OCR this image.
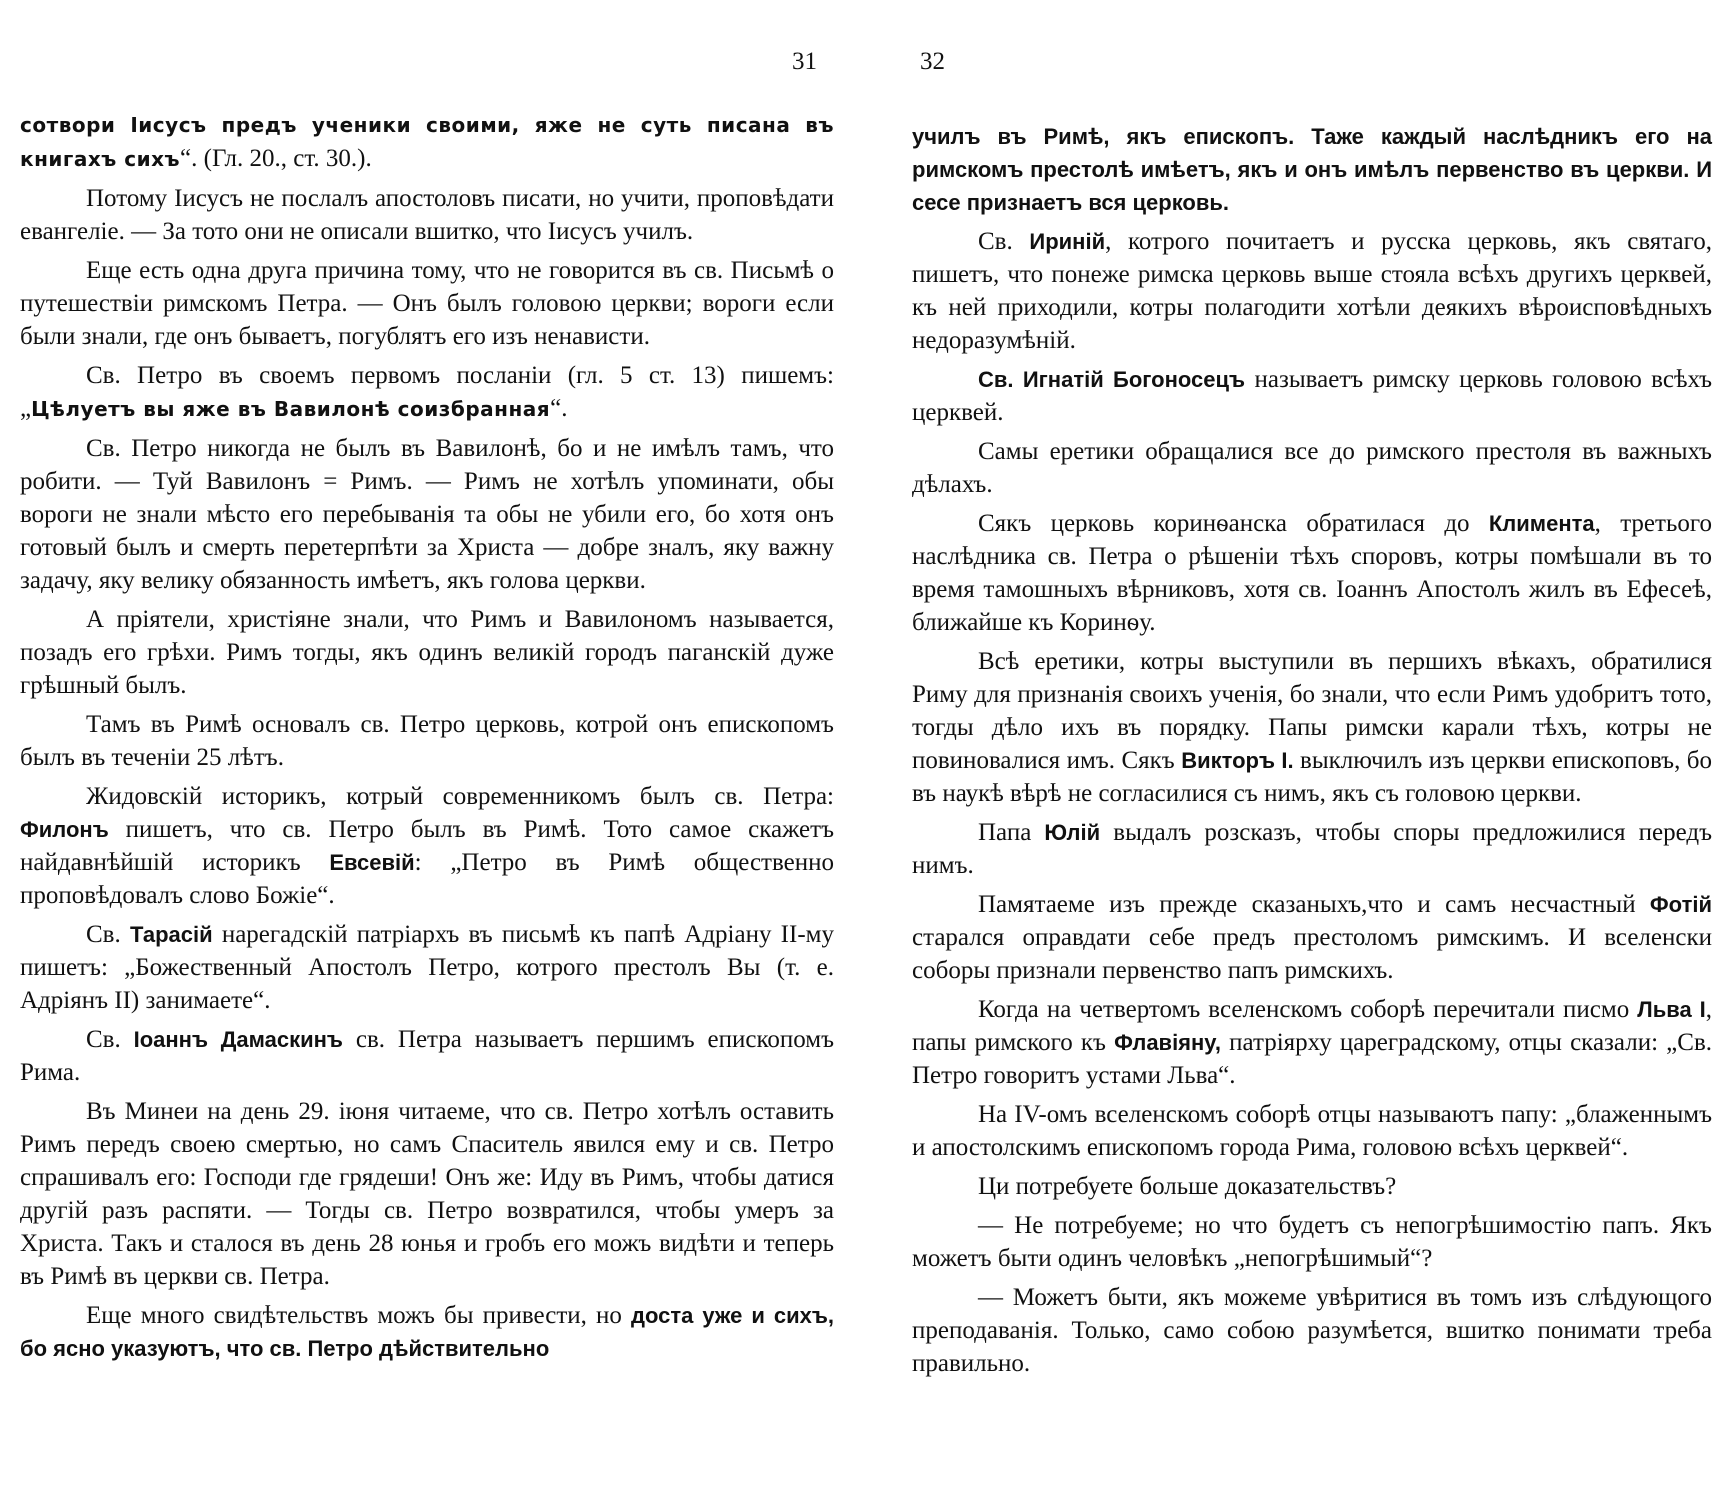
31

сотвори Іисусъ предъ учeники своими, яже не суть писана въ книгахъ сихъ“. (Гл. 20., ст. 30.).

Потому Іисусъ не послалъ апостоловъ писати, но учити, проповѣдати евангеліе. — За тото они не описали вшитко, что Іисусъ училъ.

Еще есть одна друга причина тому, что не говорится въ св. Письмѣ о путешествіи римскомъ Петра. — Онъ былъ головою церкви; вороги если были знали, где онъ бываетъ, погублятъ его изъ ненависти.

Св. Петро въ своемъ первомъ посланіи (гл. 5 ст. 13) пишемъ: „Цѣлуетъ вы яже въ Вавилонѣ соизбранная“.

Св. Петро никогда не былъ въ Вавилонѣ, бо и не имѣлъ тамъ, что робити. — Туй Вавилонъ = Римъ. — Римъ не хотѣлъ упоминати, обы вороги не знали мѣсто его перебыванія та обы не убили его, бо хотя онъ готовый былъ и смерть перетерпѣти за Христа — добре зналъ, яку важну задачу, яку велику обязанность имѣетъ, якъ голова церкви.

А пріятели, христіяне знали, что Римъ и Вавилономъ называется, позадъ его грѣхи. Римъ тогды, якъ одинъ великій городъ паганскій дуже грѣшный былъ.

Тамъ въ Римѣ основалъ св. Петро церковь, котрой онъ епископомъ былъ въ теченіи 25 лѣтъ.

Жидовскій историкъ, котрый современникомъ былъ св. Петра: Филонъ пишетъ, что св. Петро былъ въ Римѣ. Тото самое скажетъ найдавнѣйшій историкъ Евсевій: „Петро въ Римѣ общественно проповѣдовалъ слово Божіе“.

Св. Тарасій нарегадскій патріархъ въ письмѣ къ папѣ Адріану II-му пишетъ: „Божественный Апостолъ Петро, котрого престолъ Вы (т. е. Адріянъ II) занимаете“.

Св. Іоаннъ Дамаскинъ св. Петра называетъ першимъ епископомъ Рима.

Въ Минеи на день 29. іюня читаеме, что св. Петро хотѣлъ оставить Римъ передъ своею смертью, но самъ Спаситель явился ему и св. Петро спрашивалъ его: Господи где грядеши! Онъ же: Иду въ Римъ, чтобы датися другій разъ распяти. — Тогды св. Петро возвратился, чтобы умеръ за Христа. Такъ и сталося въ день 28 юнья и гробъ его можъ видѣти и теперь въ Римѣ въ церкви св. Петра.

Еще много свидѣтельствъ можъ бы привести, но доста уже и сихъ, бо ясно указуютъ, что св. Петро дѣйствительно

32

училъ въ Римѣ, якъ епископъ. Таже каждый наслѣдникъ его на римскомъ престолѣ имѣетъ, якъ и онъ имѣлъ первенство въ церкви. И сесе признаетъ вся церковь.

Св. Ириній, котрого почитаетъ и русска церковь, якъ святаго, пишетъ, что понеже римска церковь выше стояла всѣхъ другихъ церквей, къ ней приходили, котры полагодити хотѣли деякихъ вѣроисповѣдныхъ недоразумѣній.

Св. Игнатій Богоносецъ называетъ римску церковь головою всѣхъ церквей.

Самы еретики обращалися все до римского престоля въ важныхъ дѣлахъ.

Сякъ церковь коринѳанска обратилася до Климента, третього наслѣдника св. Петра о рѣшеніи тѣхъ споровъ, котры помѣшали въ то время тамошныхъ вѣрниковъ, хотя св. Іоаннъ Апостолъ жилъ въ Ефесеѣ, ближайше къ Коринѳу.

Всѣ еретики, котры выступили въ першихъ вѣкахъ, обратилися Риму для признанія своихъ ученія, бо знали, что если Римъ удобритъ тото, тогды дѣло ихъ въ порядку. Папы римски карали тѣхъ, котры не повиновалися имъ. Сякъ Викторъ I. выключилъ изъ церкви епископовъ, бо въ наукѣ вѣрѣ не согласилися съ нимъ, якъ съ головою церкви.

Папа Юлій выдалъ розсказъ, чтобы споры предложилися передъ нимъ.

Памятаеме изъ прежде сказаныхъ,что и самъ несчастный Фотій старался оправдати себе предъ престоломъ римскимъ. И вселенски соборы признали первенство папъ римскихъ.

Когда на четвертомъ вселенскомъ соборѣ перечитали писмо Льва I, папы римского къ Флавіяну, патріярху цареградскому, отцы сказали: „Св. Петро говоритъ устами Льва“.

На IV-омъ вселенскомъ соборѣ отцы называютъ папу: „блаженнымъ и апостолскимъ епископомъ города Рима, головою всѣхъ церквей“.

Ци потребуете больше доказательствъ?

— Не потребуеме; но что будетъ съ непогрѣшимостію папъ. Якъ можетъ быти одинъ человѣкъ „непогрѣшимый“?

— Можетъ быти, якъ можеме увѣритися въ томъ изъ слѣдующого преподаванія. Только, само собою разумѣется, вшитко понимати треба правильно.
